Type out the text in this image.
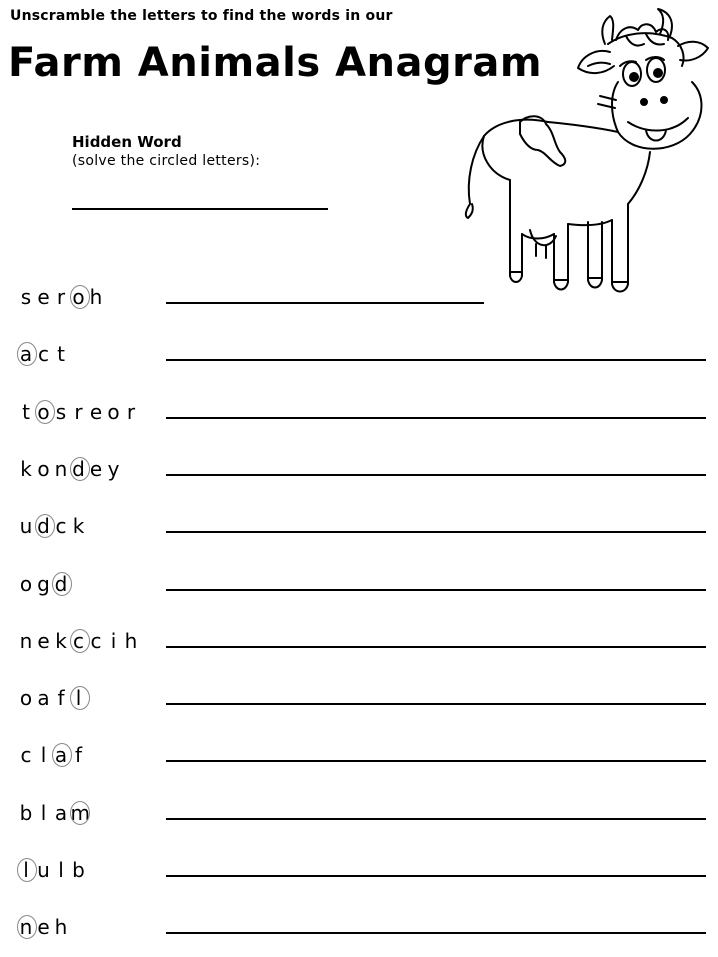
Unscramble the letters to find the words in our
Farm Animals Anagram
Hidden Word
(solve the circled letters):
s e r o h
a c t
t o s r e o r
k o n d e y
u d c k
o g d
n e k c c i h
o a f l
c l a f
b l a m
l u l b
n e h
